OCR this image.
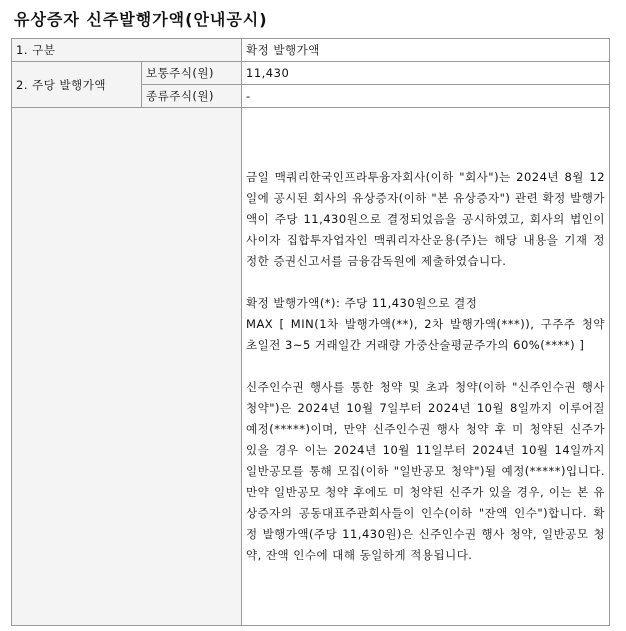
유상증자 신주발행가액(안내공시)
1. 구분		확정 발행가액
2. 주당 발행가액	보통주식(원)	11,430
	종류주식(원)	-

		금일 맥쿼리한국인프라투융자회사(이하 "회사")는 2024년 8월 12일에 공시된 회사의 유상증자(이하 "본 유상증자") 관련 확정 발행가액이 주당 11,430원으로 결정되었음을 공시하였고, 회사의 법인이사이자 집합투자업자인 맥쿼리자산운용(주)는 해당 내용을 기재 정정한 증권신고서를 금융감독원에 제출하였습니다.

확정 발행가액(*): 주당 11,430원으로 결정
MAX [ MIN(1차 발행가액(**), 2차 발행가액(***)), 구주주 청약 초일전 3~5 거래일간 거래량 가중산술평균주가의 60%(****) ]

신주인수권 행사를 통한 청약 및 초과 청약(이하 "신주인수권 행사 청약")은 2024년 10월 7일부터 2024년 10월 8일까지 이루어질 예정(*****)이며, 만약 신주인수권 행사 청약 후 미 청약된 신주가 있을 경우 이는 2024년 10월 11일부터 2024년 10월 14일까지 일반공모를 통해 모집(이하 "일반공모 청약")될 예정(*****)입니다. 만약 일반공모 청약 후에도 미 청약된 신주가 있을 경우, 이는 본 유상증자의 공동대표주관회사들이 인수(이하 "잔액 인수")합니다. 확정 발행가액(주당 11,430원)은 신주인수권 행사 청약, 일반공모 청약, 잔액 인수에 대해 동일하게 적용됩니다.
